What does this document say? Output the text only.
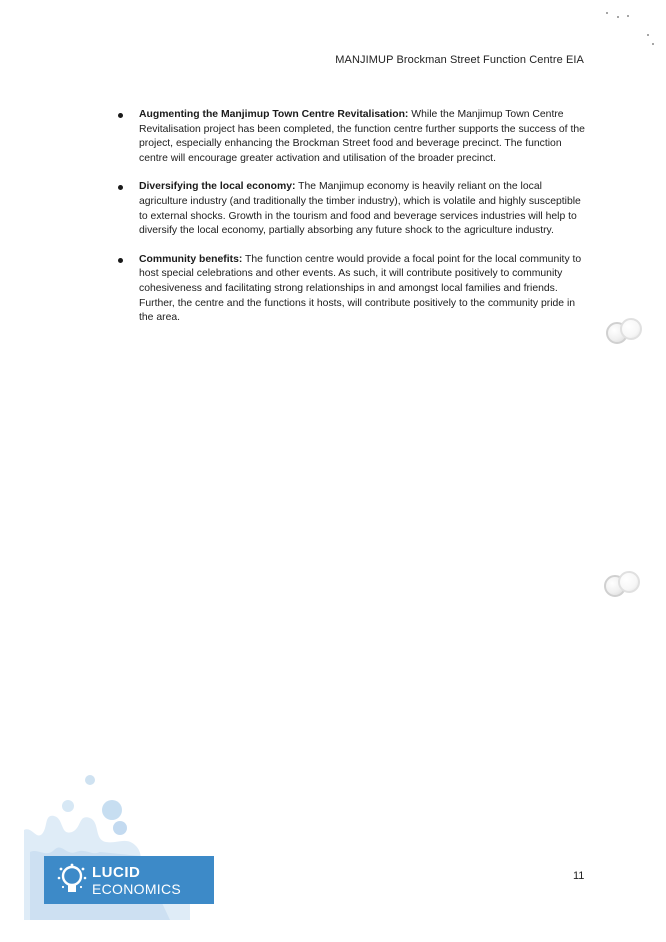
MANJIMUP Brockman Street Function Centre EIA
Augmenting the Manjimup Town Centre Revitalisation: While the Manjimup Town Centre Revitalisation project has been completed, the function centre further supports the success of the project, especially enhancing the Brockman Street food and beverage precinct. The function centre will encourage greater activation and utilisation of the broader precinct.
Diversifying the local economy: The Manjimup economy is heavily reliant on the local agriculture industry (and traditionally the timber industry), which is volatile and highly susceptible to external shocks. Growth in the tourism and food and beverage services industries will help to diversify the local economy, partially absorbing any future shock to the agriculture industry.
Community benefits: The function centre would provide a focal point for the local community to host special celebrations and other events. As such, it will contribute positively to community cohesiveness and facilitating strong relationships in and amongst local families and friends. Further, the centre and the functions it hosts, will contribute positively to the community pride in the area.
LUCID
ECONOMICS
11
